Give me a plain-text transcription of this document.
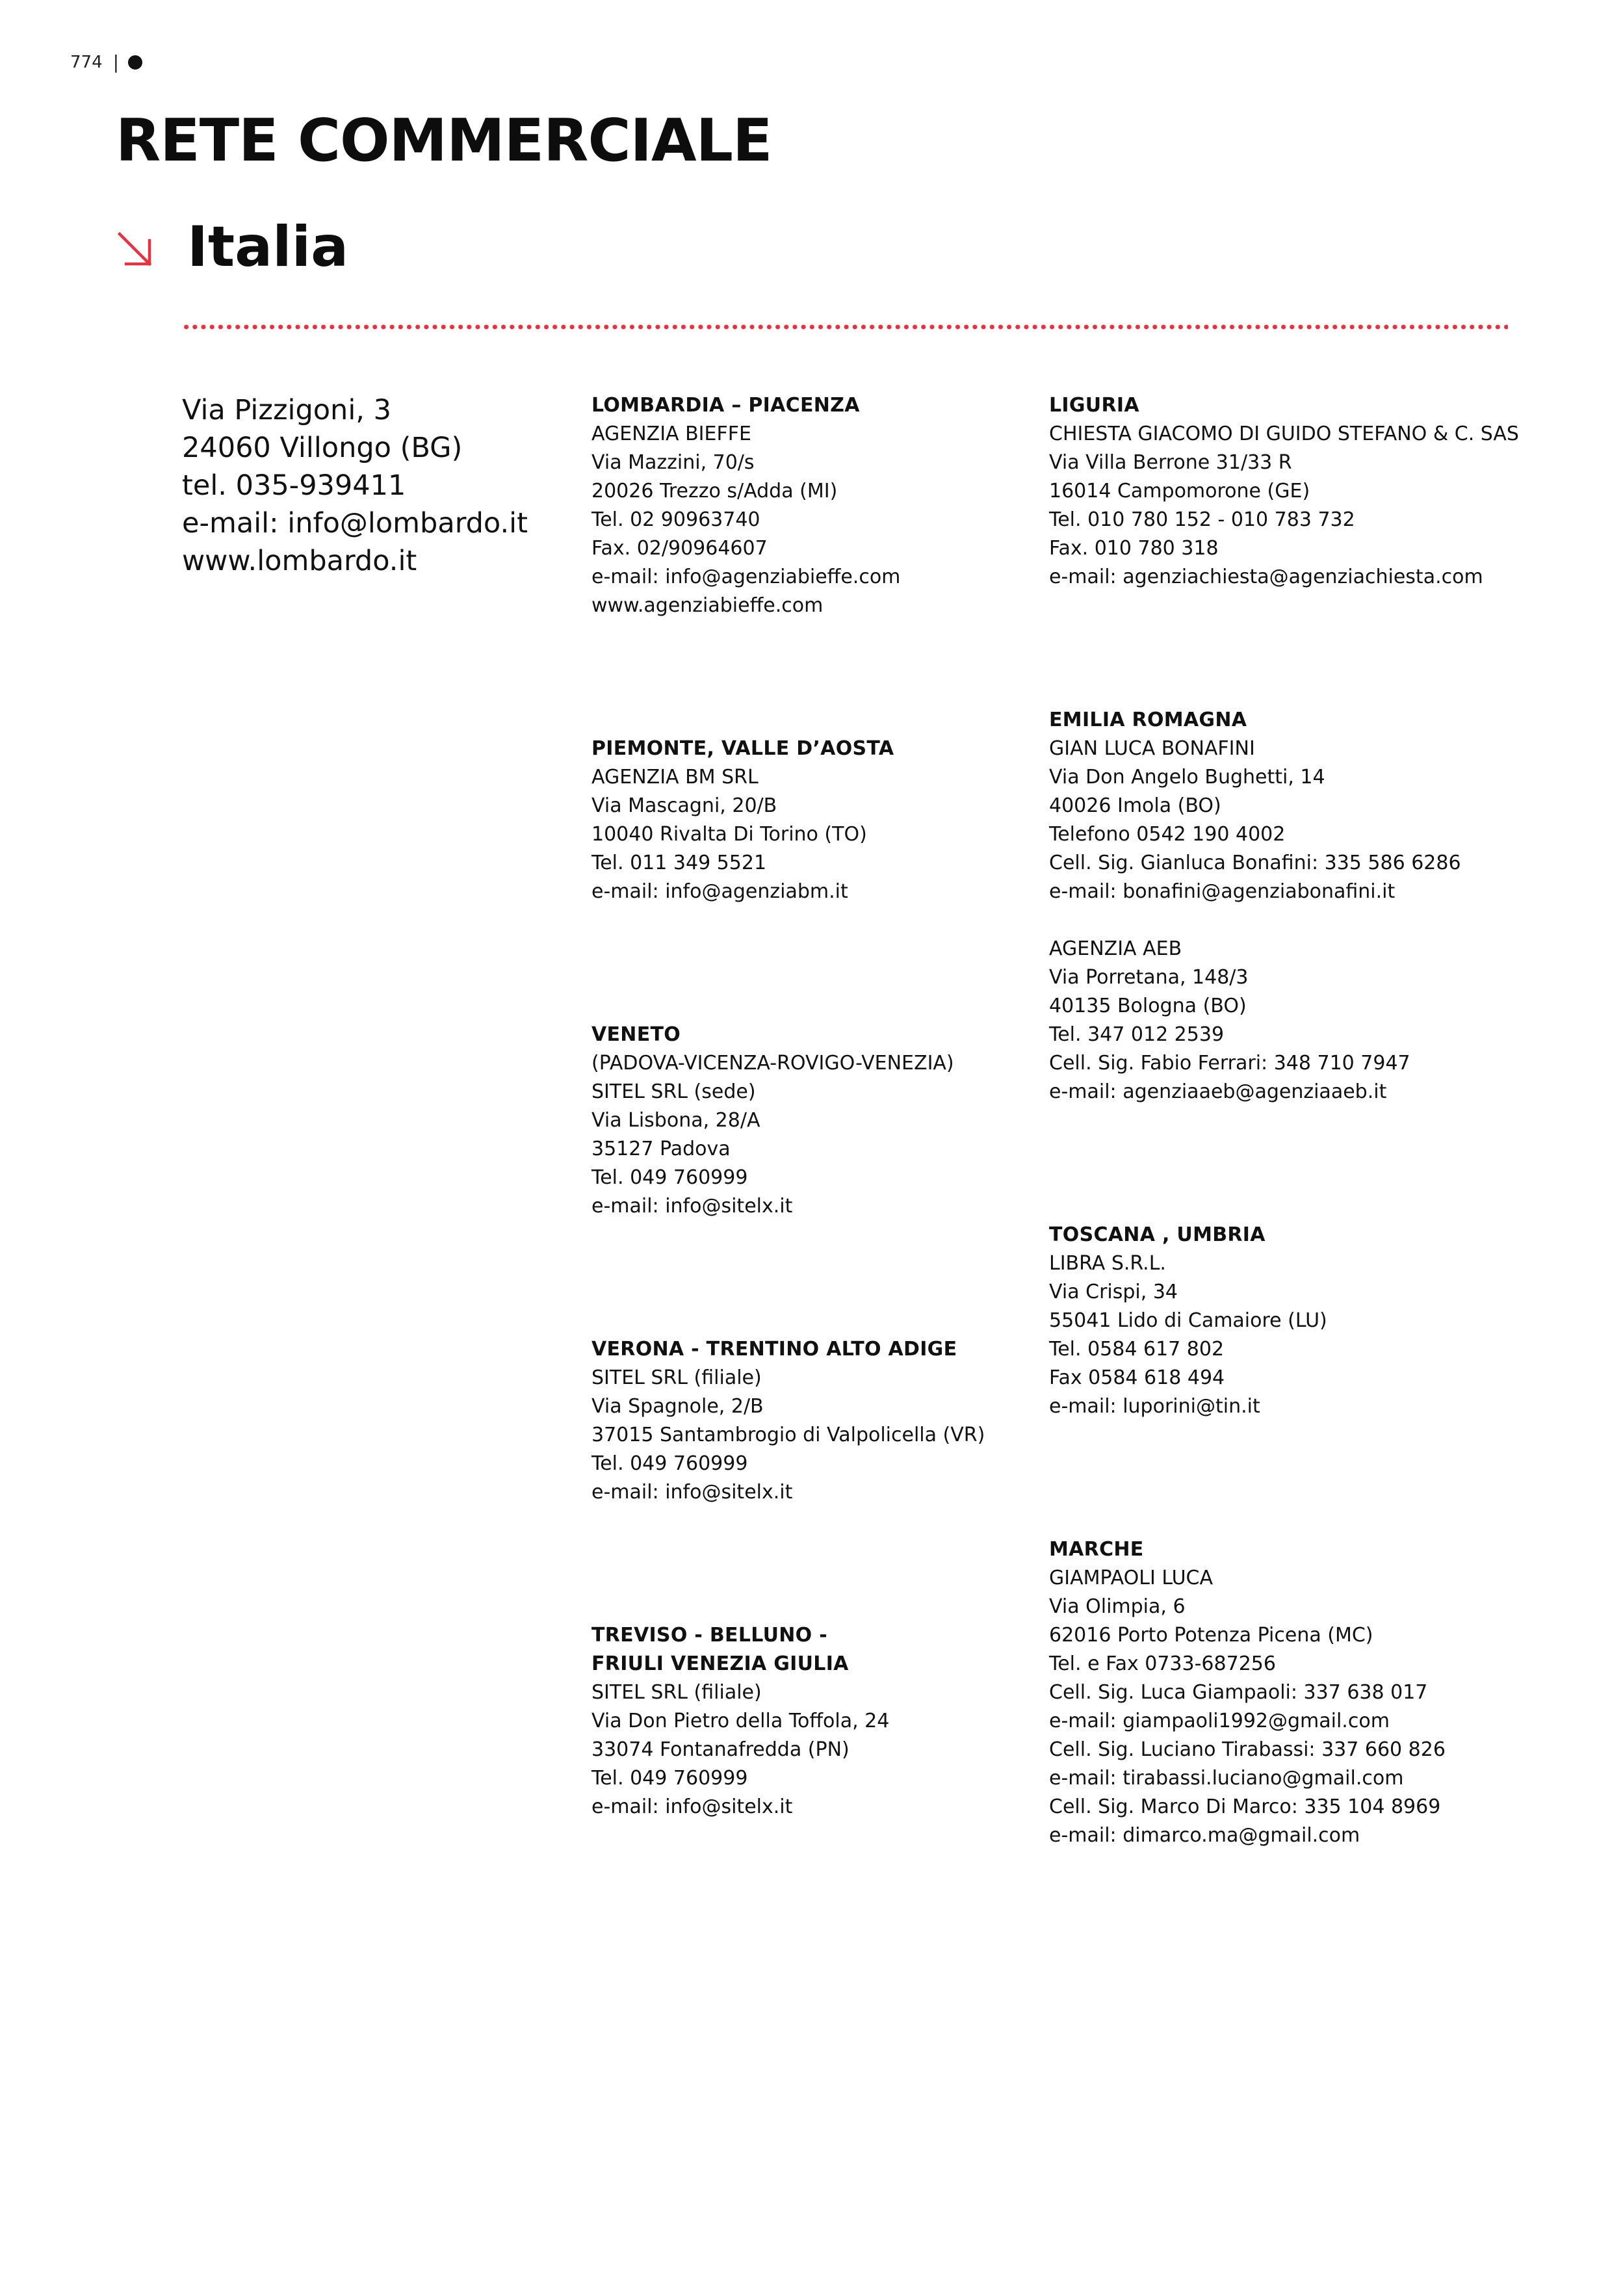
774 |
RETE COMMERCIALE
Italia
Via Pizzigoni, 3
24060 Villongo (BG)
tel. 035-939411
e-mail: info@lombardo.it
www.lombardo.it
LOMBARDIA – PIACENZA
AGENZIA BIEFFE
Via Mazzini, 70/s
20026 Trezzo s/Adda (MI)
Tel. 02 90963740
Fax. 02/90964607
e-mail: info@agenziabieffe.com
www.agenziabieffe.com
PIEMONTE, VALLE D’AOSTA
AGENZIA BM SRL
Via Mascagni, 20/B
10040 Rivalta Di Torino (TO)
Tel. 011 349 5521
e-mail: info@agenziabm.it
VENETO
(PADOVA-VICENZA-ROVIGO-VENEZIA)
SITEL SRL (sede)
Via Lisbona, 28/A
35127 Padova
Tel. 049 760999
e-mail: info@sitelx.it
VERONA - TRENTINO ALTO ADIGE
SITEL SRL (filiale)
Via Spagnole, 2/B
37015 Santambrogio di Valpolicella (VR)
Tel. 049 760999
e-mail: info@sitelx.it
TREVISO - BELLUNO -
FRIULI VENEZIA GIULIA
SITEL SRL (filiale)
Via Don Pietro della Toffola, 24
33074 Fontanafredda (PN)
Tel. 049 760999
e-mail: info@sitelx.it
LIGURIA
CHIESTA GIACOMO DI GUIDO STEFANO & C. SAS
Via Villa Berrone 31/33 R
16014 Campomorone (GE)
Tel. 010 780 152 - 010 783 732
Fax. 010 780 318
e-mail: agenziachiesta@agenziachiesta.com
EMILIA ROMAGNA
GIAN LUCA BONAFINI
Via Don Angelo Bughetti, 14
40026 Imola (BO)
Telefono 0542 190 4002
Cell. Sig. Gianluca Bonafini: 335 586 6286
e-mail: bonafini@agenziabonafini.it
AGENZIA AEB
Via Porretana, 148/3
40135 Bologna (BO)
Tel. 347 012 2539
Cell. Sig. Fabio Ferrari: 348 710 7947
e-mail: agenziaaeb@agenziaaeb.it
TOSCANA , UMBRIA
LIBRA S.R.L.
Via Crispi, 34
55041 Lido di Camaiore (LU)
Tel. 0584 617 802
Fax 0584 618 494
e-mail: luporini@tin.it
MARCHE
GIAMPAOLI LUCA
Via Olimpia, 6
62016 Porto Potenza Picena (MC)
Tel. e Fax 0733-687256
Cell. Sig. Luca Giampaoli: 337 638 017
e-mail: giampaoli1992@gmail.com
Cell. Sig. Luciano Tirabassi: 337 660 826
e-mail: tirabassi.luciano@gmail.com
Cell. Sig. Marco Di Marco: 335 104 8969
e-mail: dimarco.ma@gmail.com
